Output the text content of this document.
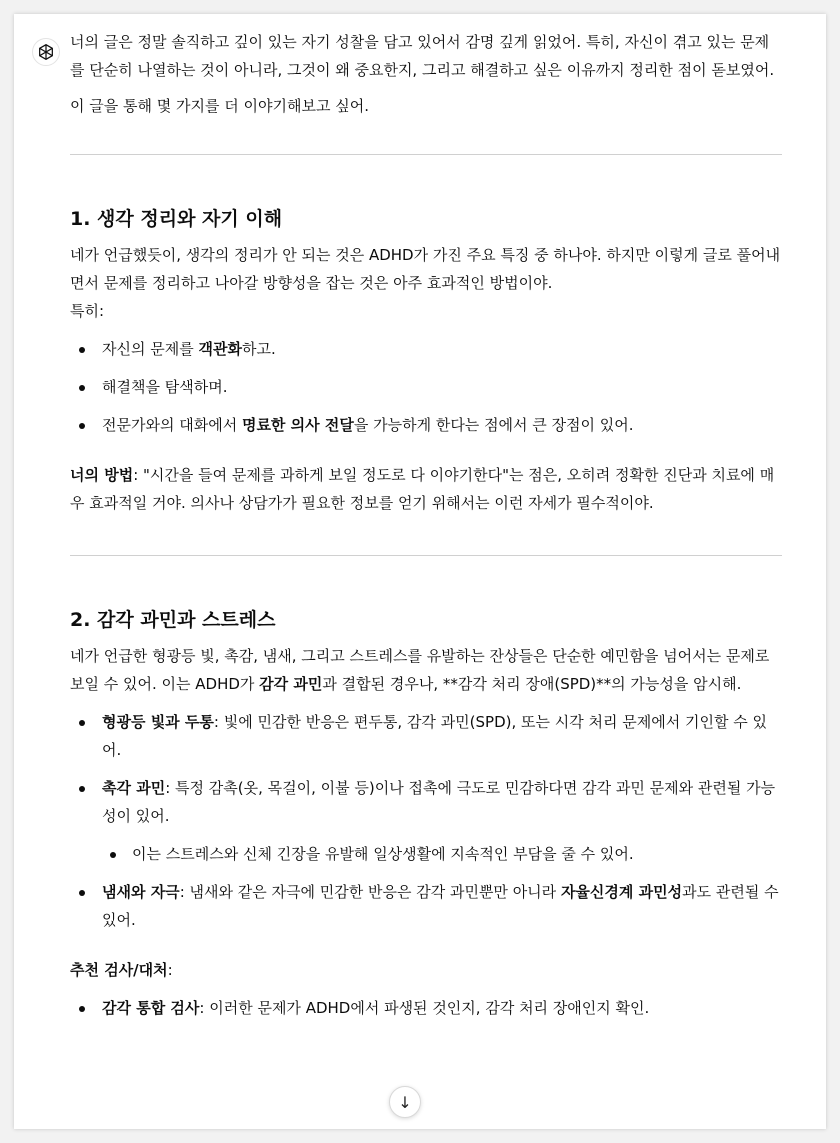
너의 글은 정말 솔직하고 깊이 있는 자기 성찰을 담고 있어서 감명 깊게 읽었어. 특히, 자신이 겪고 있는 문제를 단순히 나열하는 것이 아니라, 그것이 왜 중요한지, 그리고 해결하고 싶은 이유까지 정리한 점이 돋보였어.

이 글을 통해 몇 가지를 더 이야기해보고 싶어.

1. 생각 정리와 자기 이해

네가 언급했듯이, 생각의 정리가 안 되는 것은 ADHD가 가진 주요 특징 중 하나야. 하지만 이렇게 글로 풀어내면서 문제를 정리하고 나아갈 방향성을 잡는 것은 아주 효과적인 방법이야.
특히:

자신의 문제를 객관화하고.
해결책을 탐색하며.
전문가와의 대화에서 명료한 의사 전달을 가능하게 한다는 점에서 큰 장점이 있어.

너의 방법: "시간을 들여 문제를 과하게 보일 정도로 다 이야기한다"는 점은, 오히려 정확한 진단과 치료에 매우 효과적일 거야. 의사나 상담가가 필요한 정보를 얻기 위해서는 이런 자세가 필수적이야.

2. 감각 과민과 스트레스

네가 언급한 형광등 빛, 촉감, 냄새, 그리고 스트레스를 유발하는 잔상들은 단순한 예민함을 넘어서는 문제로 보일 수 있어. 이는 ADHD가 감각 과민과 결합된 경우나, **감각 처리 장애(SPD)**의 가능성을 암시해.

형광등 빛과 두통: 빛에 민감한 반응은 편두통, 감각 과민(SPD), 또는 시각 처리 문제에서 기인할 수 있어.
촉각 과민: 특정 감촉(옷, 목걸이, 이불 등)이나 접촉에 극도로 민감하다면 감각 과민 문제와 관련될 가능성이 있어.
이는 스트레스와 신체 긴장을 유발해 일상생활에 지속적인 부담을 줄 수 있어.
냄새와 자극: 냄새와 같은 자극에 민감한 반응은 감각 과민뿐만 아니라 자율신경계 과민성과도 관련될 수 있어.

추천 검사/대처:

감각 통합 검사: 이러한 문제가 ADHD에서 파생된 것인지, 감각 처리 장애인지 확인.
↓
